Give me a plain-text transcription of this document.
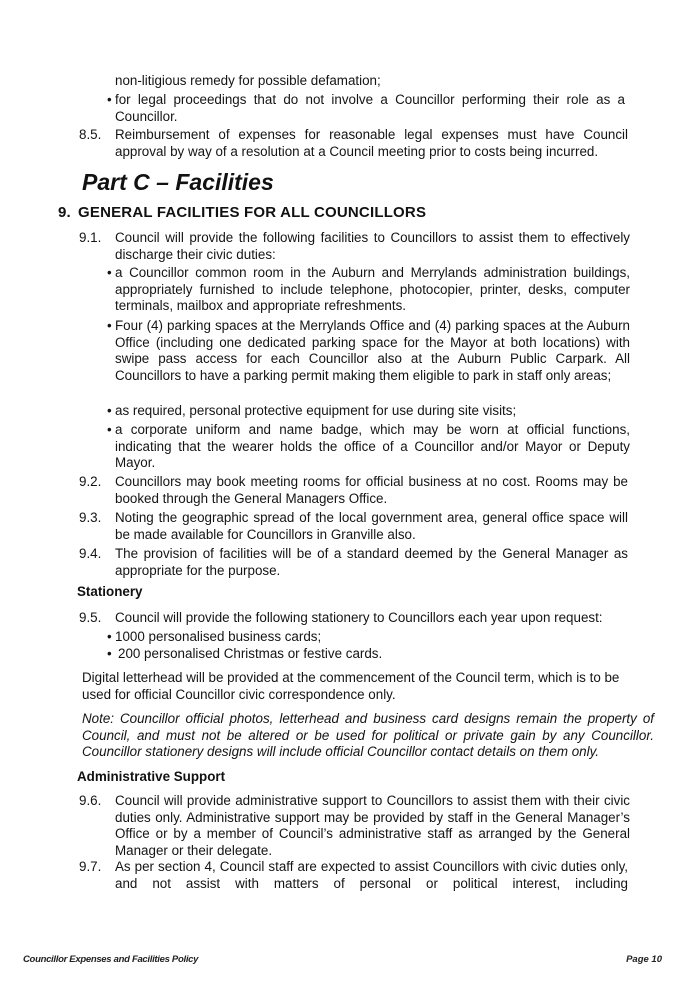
non-litigious remedy for possible defamation;
• for legal proceedings that do not involve a Councillor performing their role as a Councillor.
8.5. Reimbursement of expenses for reasonable legal expenses must have Council approval by way of a resolution at a Council meeting prior to costs being incurred.
Part C – Facilities
9. GENERAL FACILITIES FOR ALL COUNCILLORS
9.1. Council will provide the following facilities to Councillors to assist them to effectively discharge their civic duties:
• a Councillor common room in the Auburn and Merrylands administration buildings, appropriately furnished to include telephone, photocopier, printer, desks, computer terminals, mailbox and appropriate refreshments.
• Four (4) parking spaces at the Merrylands Office and (4) parking spaces at the Auburn Office (including one dedicated parking space for the Mayor at both locations) with swipe pass access for each Councillor also at the Auburn Public Carpark. All Councillors to have a parking permit making them eligible to park in staff only areas;
• as required, personal protective equipment for use during site visits;
• a corporate uniform and name badge, which may be worn at official functions, indicating that the wearer holds the office of a Councillor and/or Mayor or Deputy Mayor.
9.2. Councillors may book meeting rooms for official business at no cost. Rooms may be booked through the General Managers Office.
9.3. Noting the geographic spread of the local government area, general office space will be made available for Councillors in Granville also.
9.4. The provision of facilities will be of a standard deemed by the General Manager as appropriate for the purpose.
Stationery
9.5. Council will provide the following stationery to Councillors each year upon request:
• 1000 personalised business cards;
• 200 personalised Christmas or festive cards.
Digital letterhead will be provided at the commencement of the Council term, which is to be used for official Councillor civic correspondence only.
Note: Councillor official photos, letterhead and business card designs remain the property of Council, and must not be altered or be used for political or private gain by any Councillor. Councillor stationery designs will include official Councillor contact details on them only.
Administrative Support
9.6. Council will provide administrative support to Councillors to assist them with their civic duties only. Administrative support may be provided by staff in the General Manager’s Office or by a member of Council’s administrative staff as arranged by the General Manager or their delegate.
9.7. As per section 4, Council staff are expected to assist Councillors with civic duties only, and not assist with matters of personal or political interest, including
Councillor Expenses and Facilities Policy	Page 10
